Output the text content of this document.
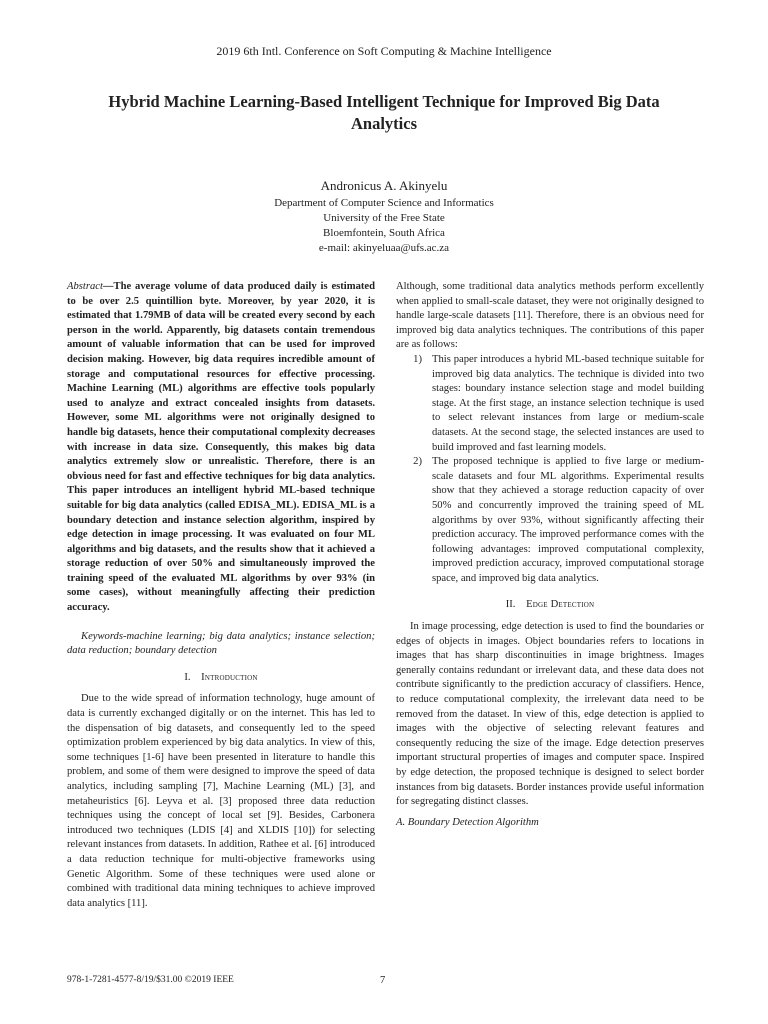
2019 6th Intl. Conference on Soft Computing & Machine Intelligence
Hybrid Machine Learning-Based Intelligent Technique for Improved Big Data Analytics
Andronicus A. Akinyelu
Department of Computer Science and Informatics
University of the Free State
Bloemfontein, South Africa
e-mail: akinyeluaa@ufs.ac.za

Abstract—The average volume of data produced daily is estimated to be over 2.5 quintillion byte. Moreover, by year 2020, it is estimated that 1.79MB of data will be created every second by each person in the world. Apparently, big datasets contain tremendous amount of valuable information that can be used for improved decision making. However, big data requires incredible amount of storage and computational resources for effective processing. Machine Learning (ML) algorithms are effective tools popularly used to analyze and extract concealed insights from datasets. However, some ML algorithms were not originally designed to handle big datasets, hence their computational complexity decreases with increase in data size. Consequently, this makes big data analytics extremely slow or unrealistic. Therefore, there is an obvious need for fast and effective techniques for big data analytics. This paper introduces an intelligent hybrid ML-based technique suitable for big data analytics (called EDISA_ML). EDISA_ML is a boundary detection and instance selection algorithm, inspired by edge detection in image processing. It was evaluated on four ML algorithms and big datasets, and the results show that it achieved a storage reduction of over 50% and simultaneously improved the training speed of the evaluated ML algorithms by over 93% (in some cases), without meaningfully affecting their prediction accuracy.

Keywords-machine learning; big data analytics; instance selection; data reduction; boundary detection

I. Introduction

Due to the wide spread of information technology, huge amount of data is currently exchanged digitally or on the internet. This has led to the dispensation of big datasets, and consequently led to the speed optimization problem experienced by big data analytics. In view of this, some techniques [1-6] have been presented in literature to handle this problem, and some of them were designed to improve the speed of data analytics, including sampling [7], Machine Learning (ML) [3], and metaheuristics [6]. Leyva et al. [3] proposed three data reduction techniques using the concept of local set [9]. Besides, Carbonera introduced two techniques (LDIS [4] and XLDIS [10]) for selecting relevant instances from datasets. In addition, Rathee et al. [6] introduced a data reduction technique for multi-objective frameworks using Genetic Algorithm. Some of these techniques were used alone or combined with traditional data mining techniques to achieve improved data analytics [11].

Although, some traditional data analytics methods perform excellently when applied to small-scale dataset, they were not originally designed to handle large-scale datasets [11]. Therefore, there is an obvious need for improved big data analytics techniques. The contributions of this paper are as follows:

1) This paper introduces a hybrid ML-based technique suitable for improved big data analytics. The technique is divided into two stages: boundary instance selection stage and model building stage. At the first stage, an instance selection technique is used to select relevant instances from large or medium-scale datasets. At the second stage, the selected instances are used to build improved and fast learning models.
2) The proposed technique is applied to five large or medium-scale datasets and four ML algorithms. Experimental results show that they achieved a storage reduction capacity of over 50% and concurrently improved the training speed of ML algorithms by over 93%, without significantly affecting their prediction accuracy. The improved performance comes with the following advantages: improved computational complexity, improved prediction accuracy, improved computational storage space, and improved big data analytics.
II. Edge Detection

In image processing, edge detection is used to find the boundaries or edges of objects in images. Object boundaries refers to locations in images that has sharp discontinuities in image brightness. Images generally contains redundant or irrelevant data, and these data does not contribute significantly to the prediction accuracy of classifiers. Hence, to reduce computational complexity, the irrelevant data need to be removed from the dataset. In view of this, edge detection is applied to images with the objective of selecting relevant features and consequently reducing the size of the image. Edge detection preserves important structural properties of images and computer space. Inspired by edge detection, the proposed technique is designed to select border instances from big datasets. Border instances provide useful information for segregating distinct classes.

A. Boundary Detection Algorithm

978-1-7281-4577-8/19/$31.00 ©2019 IEEE	7
